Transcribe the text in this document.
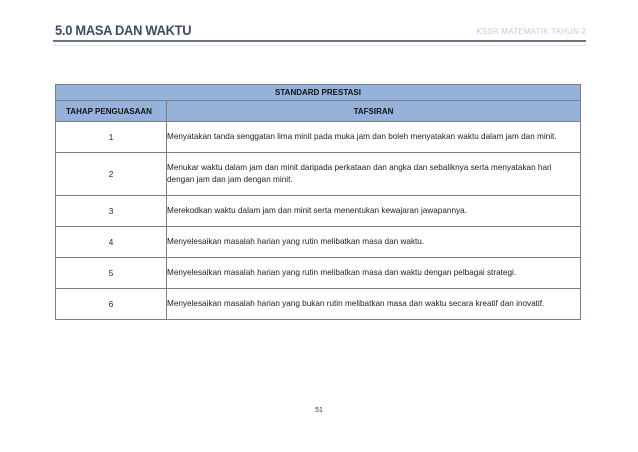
5.0 MASA DAN WAKTU	KSSR MATEMATIK TAHUN 2
STANDARD PRESTASI	
TAHAP PENGUASAAN	TAFSIRAN
1	Menyatakan tanda senggatan lima minit pada muka jam dan boleh menyatakan waktu dalam jam dan minit.
2	Menukar waktu dalam jam dan minit daripada perkataan dan angka dan sebaliknya serta menyatakan hari dengan jam dan jam dengan minit.
3	Merekodkan waktu dalam jam dan minit serta menentukan kewajaran jawapannya.
4	Menyelesaikan masalah harian yang rutin melibatkan masa dan waktu.
5	Menyelesaikan masalah harian yang rutin melibatkan masa dan waktu dengan pelbagai strategi.
6	Menyelesaikan masalah harian yang bukan rutin melibatkan masa dan waktu secara kreatif dan inovatif.
51
